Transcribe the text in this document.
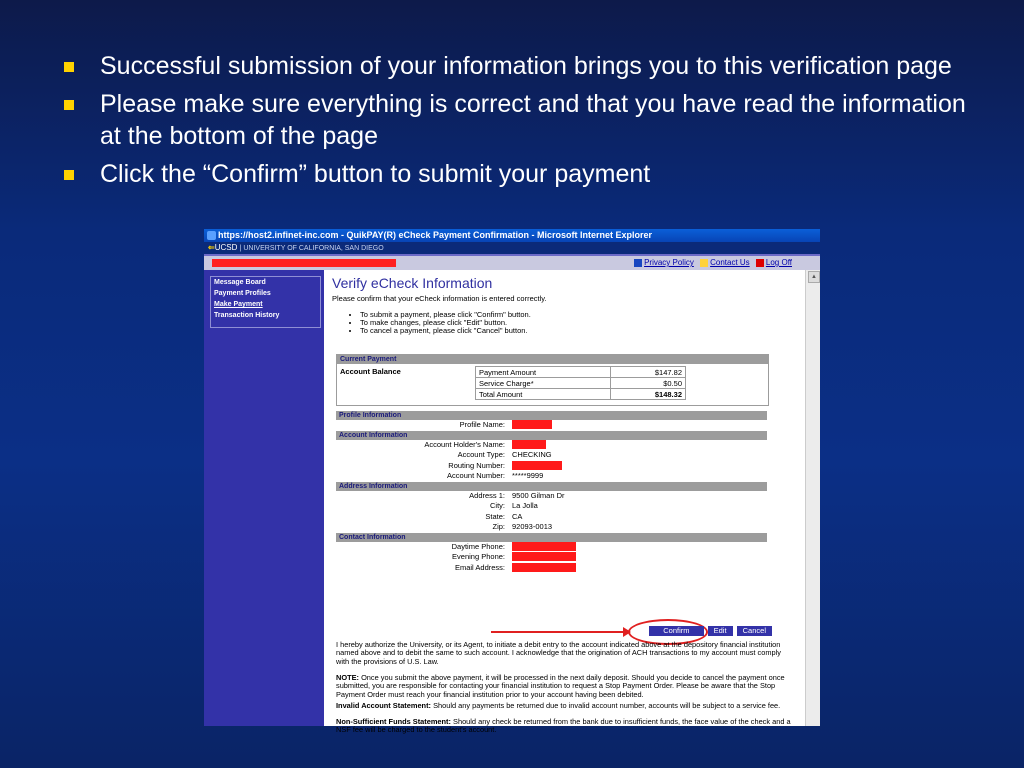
Successful submission of your information brings you to this verification page
Please make sure everything is correct and that you have read the information at the bottom of the page
Click the “Confirm” button to submit your payment
https://host2.infinet-inc.com - QuikPAY(R) eCheck Payment Confirmation - Microsoft Internet Explorer
⇐UCSD | UNIVERSITY OF CALIFORNIA, SAN DIEGO
Privacy Policy Contact Us Log Off
Message Board
Payment Profiles
Make Payment
Transaction History
▲
Verify eCheck Information
Please confirm that your eCheck information is entered correctly.
• To submit a payment, please click "Confirm" button.
• To make changes, please click "Edit" button.
• To cancel a payment, please click "Cancel" button.
Current Payment
Account Balance	Payment Amount	$147.82
Service Charge*	$0.50
Total Amount	$148.32
Profile Information
Profile Name:
Account Information
Account Holder's Name:
Account Type: CHECKING
Routing Number:
Account Number: *****9999
Address Information
Address 1: 9500 Gilman Dr
City: La Jolla
State: CA
Zip: 92093-0013
Contact Information
Daytime Phone:
Evening Phone:
Email Address:
Confirm	Edit Cancel
I hereby authorize the University, or its Agent, to initiate a debit entry to the account indicated above at the depository financial institution named above and to debit the same to such account. I acknowledge that the origination of ACH transactions to my account must comply with the provisions of U.S. Law.
NOTE: Once you submit the above payment, it will be processed in the next daily deposit. Should you decide to cancel the payment once submitted, you are responsible for contacting your financial institution to request a Stop Payment Order. Please be aware that the Stop Payment Order must reach your financial institution prior to your account having been debited.
Non-Sufficient Funds Statement: Should any check be returned from the bank due to insufficient funds, the face value of the check and a NSF fee will be charged to the student's account.
Invalid Account Statement: Should any payments be returned due to invalid account number, accounts will be subject to a service fee.
